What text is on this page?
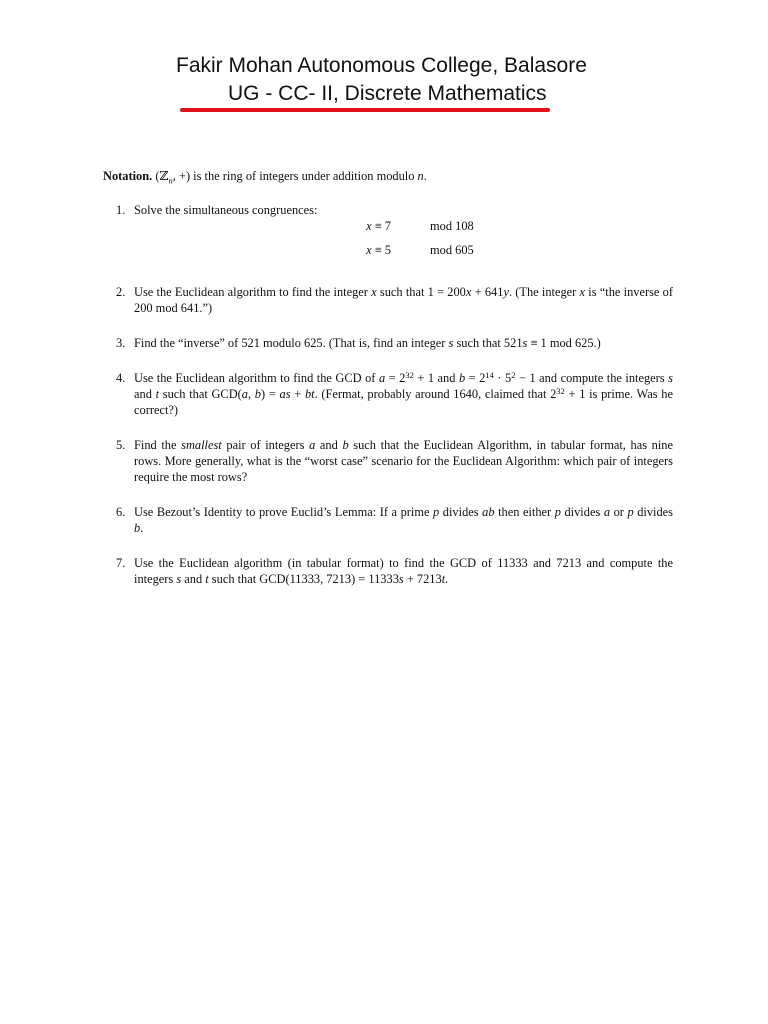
Fakir Mohan Autonomous College, Balasore
UG - CC- II, Discrete Mathematics

Notation. (ℤ$_n$, +) is the ring of integers under addition modulo n.

1. Solve the simultaneous congruences:
x ≡ 7	mod 108
x ≡ 5	mod 605
2. Use the Euclidean algorithm to find the integer x such that 1 = 200x + 641y. (The integer x is “the inverse of 200 mod 641.”)
3. Find the “inverse” of 521 modulo 625. (That is, find an integer s such that 521s ≡ 1 mod 625.)
4. Use the Euclidean algorithm to find the GCD of $a = 2^{32} + 1$ and $b = 2^{14} \cdot 5^2 - 1$ and compute the integers s and t such that GCD(a, b) = as + bt. (Fermat, probably around 1640, claimed that $2^{32} + 1$ is prime. Was he correct?)
5. Find the smallest pair of integers a and b such that the Euclidean Algorithm, in tabular format, has nine rows. More generally, what is the “worst case” scenario for the Euclidean Algorithm: which pair of integers require the most rows?
6. Use Bezout’s Identity to prove Euclid’s Lemma: If a prime p divides ab then either p divides a or p divides b.
7. Use the Euclidean algorithm (in tabular format) to find the GCD of 11333 and 7213 and compute the integers s and t such that GCD(11333, 7213) = 11333s + 7213t.
